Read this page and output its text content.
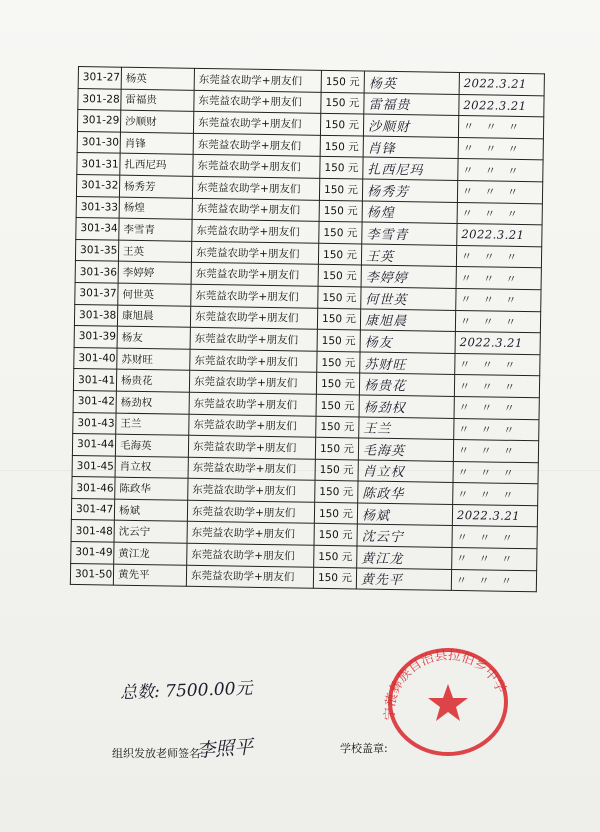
301-27	杨英	东莞益农助学+朋友们	150 元	杨英	2022.3.21
301-28	雷福贵	东莞益农助学+朋友们	150 元	雷福贵	2022.3.21
301-29	沙顺财	东莞益农助学+朋友们	150 元	沙顺财	〃 〃 〃
301-30	肖锋	东莞益农助学+朋友们	150 元	肖锋	〃 〃 〃
301-31	扎西尼玛	东莞益农助学+朋友们	150 元	扎西尼玛	〃 〃 〃
301-32	杨秀芳	东莞益农助学+朋友们	150 元	杨秀芳	〃 〃 〃
301-33	杨煌	东莞益农助学+朋友们	150 元	杨煌	〃 〃 〃
301-34	李雪青	东莞益农助学+朋友们	150 元	李雪青	2022.3.21
301-35	王英	东莞益农助学+朋友们	150 元	王英	〃 〃 〃
301-36	李婷婷	东莞益农助学+朋友们	150 元	李婷婷	〃 〃 〃
301-37	何世英	东莞益农助学+朋友们	150 元	何世英	〃 〃 〃
301-38	康旭晨	东莞益农助学+朋友们	150 元	康旭晨	〃 〃 〃
301-39	杨友	东莞益农助学+朋友们	150 元	杨友	2022.3.21
301-40	苏财旺	东莞益农助学+朋友们	150 元	苏财旺	〃 〃 〃
301-41	杨贵花	东莞益农助学+朋友们	150 元	杨贵花	〃 〃 〃
301-42	杨劲权	东莞益农助学+朋友们	150 元	杨劲权	〃 〃 〃
301-43	王兰	东莞益农助学+朋友们	150 元	王兰	〃 〃 〃
301-44	毛海英	东莞益农助学+朋友们	150 元	毛海英	〃 〃 〃
301-45	肖立权	东莞益农助学+朋友们	150 元	肖立权	〃 〃 〃
301-46	陈政华	东莞益农助学+朋友们	150 元	陈政华	〃 〃 〃
301-47	杨斌	东莞益农助学+朋友们	150 元	杨斌	2022.3.21
301-48	沈云宁	东莞益农助学+朋友们	150 元	沈云宁	〃 〃 〃
301-49	黄江龙	东莞益农助学+朋友们	150 元	黄江龙	〃 〃 〃
301-50	黄先平	东莞益农助学+朋友们	150 元	黄先平	〃 〃 〃
总数: 7500.00元
组织发放老师签名:
李照平	学校盖章:
宁蒗彝族自治县拉伯乡中学
